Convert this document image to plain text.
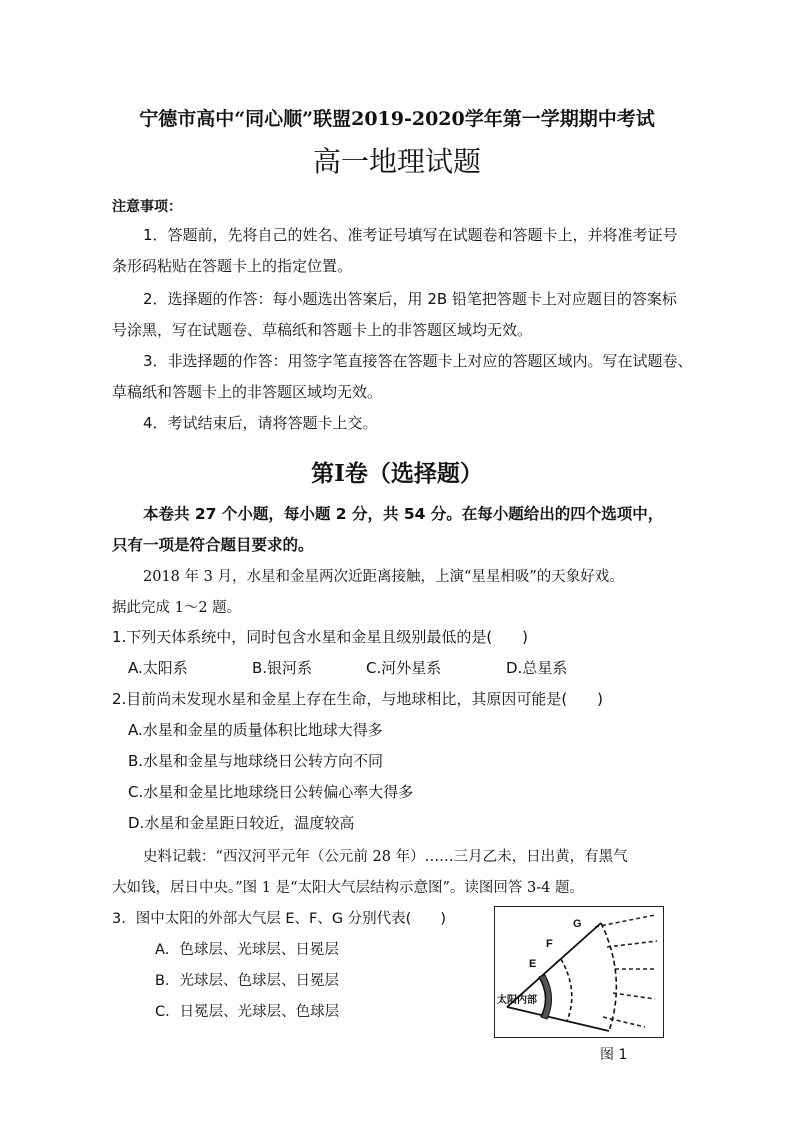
宁德市高中“同心顺”联盟2019-2020学年第一学期期中考试
高一地理试题
注意事项：
1．答题前，先将自己的姓名、准考证号填写在试题卷和答题卡上，并将准考证号
条形码粘贴在答题卡上的指定位置。
2．选择题的作答：每小题选出答案后，用 2B 铅笔把答题卡上对应题目的答案标
号涂黑，写在试题卷、草稿纸和答题卡上的非答题区域均无效。
3．非选择题的作答：用签字笔直接答在答题卡上对应的答题区域内。写在试题卷、
草稿纸和答题卡上的非答题区域均无效。
4．考试结束后，请将答题卡上交。
第Ⅰ卷（选择题）
本卷共 27 个小题，每小题 2 分，共 54 分。在每小题给出的四个选项中，
只有一项是符合题目要求的。
2018 年 3 月，水星和金星两次近距离接触，上演“星星相吸”的天象好戏。
据此完成 1～2 题。
1.下列天体系统中，同时包含水星和金星且级别最低的是(　　)
A.太阳系	B.银河系	C.河外星系	D.总星系
2.目前尚未发现水星和金星上存在生命，与地球相比，其原因可能是(　　)
A.水星和金星的质量体积比地球大得多
B.水星和金星与地球绕日公转方向不同
C.水星和金星比地球绕日公转偏心率大得多
D.水星和金星距日较近，温度较高
史料记载：“西汉河平元年（公元前 28 年）……三月乙未，日出黄，有黑气
大如钱，居日中央。”图 1 是“太阳大气层结构示意图”。读图回答 3-4 题。
3．图中太阳的外部大气层 E、F、G 分别代表(　　)
A．色球层、光球层、日冕层
B．光球层、色球层、日冕层
C．日冕层、光球层、色球层
G
F
E
太阳内部
图 1
